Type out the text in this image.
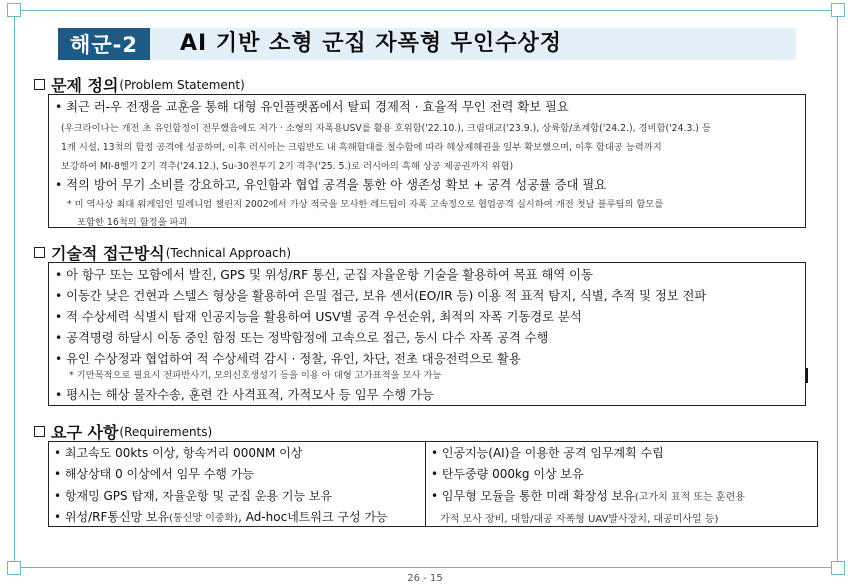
해군-2	AI 기반 소형 군집 자폭형 무인수상정
문제 정의 (Problem Statement)
• 최근 러-우 전쟁을 교훈을 통해 대형 유인플랫폼에서 탈피 경제적 · 효율적 무인 전력 확보 필요
(우크라이나는 개전 초 유인함정이 전무했음에도 저가 · 소형의 자폭용USV를 활용 호위함('22.10.), 크림대교('23.9.), 상륙함/초계함('24.2.), 경비함('24.3.) 등
1개 시설, 13척의 함정 공격에 성공하여, 이후 러시아는 크림반도 내 흑해함대를 철수함에 따라 해상제해권을 일부 확보했으며, 이후 함대공 능력까지
보강하여 MI-8헬기 2기 격추('24.12.), Su-30전투기 2기 격추('25. 5.)로 러시아의 흑해 상공 제공권까지 위협)
• 적의 방어 무기 소비를 강요하고, 유인함과 협업 공격을 통한 아 생존성 확보 + 공격 성공률 증대 필요
* 미 역사상 최대 워게임인 밀레니엄 챌린지 2002에서 가상 적국을 모사한 레드팀이 자폭 고속정으로 협업공격 실시하여 개전 첫날 블루팀의 함모를
포함한 16척의 함정을 파괴
기술적 접근방식 (Technical Approach)
• 아 항구 또는 모함에서 발진, GPS 및 위성/RF 통신, 군집 자율운항 기술을 활용하여 목표 해역 이동
• 이동간 낮은 건현과 스텔스 형상을 활용하여 은밀 접근, 보유 센서(EO/IR 등) 이용 적 표적 탐지, 식별, 추적 및 정보 전파
• 적 수상세력 식별시 탑재 인공지능을 활용하여 USV별 공격 우선순위, 최적의 자폭 기동경로 분석
• 공격명령 하달시 이동 중인 함정 또는 정박함정에 고속으로 접근, 동시 다수 자폭 공격 수행
• 유인 수상정과 협업하여 적 수상세력 감시 · 정찰, 유인, 차단, 전초 대응전력으로 활용
* 기만목적으로 필요시 전파반사기, 모의신호생성기 등을 이용 아 대형 고가표적을 모사 가능
• 평시는 해상 물자수송, 훈련 간 사격표적, 가적모사 등 임무 수행 가능
요구 사항 (Requirements)
• 최고속도 00kts 이상, 항속거리 000NM 이상
• 해상상태 0 이상에서 임무 수행 가능
• 항재밍 GPS 탑재, 자율운항 및 군집 운용 기능 보유
• 위성/RF통신망 보유(통신망 이중화), Ad-hoc네트워크 구성 가능
• 인공지능(AI)을 이용한 공격 임무계획 수립
• 탄두중량 000kg 이상 보유
• 임무형 모듈을 통한 미래 확장성 보유(고가치 표적 또는 훈련용
가적 모사 장비, 대함/대공 자폭형 UAV발사장치, 대공미사일 등)
26 - 15
